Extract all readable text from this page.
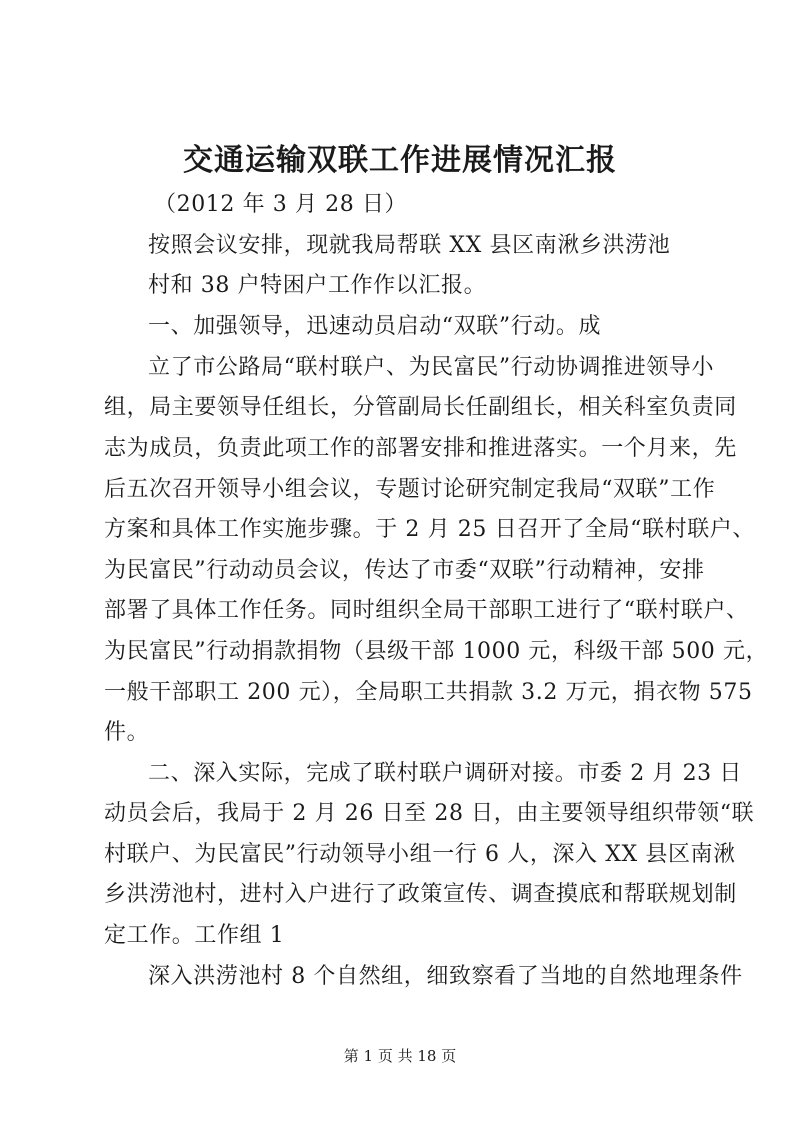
交通运输双联工作进展情况汇报
（2012 年 3 月 28 日）
按照会议安排，现就我局帮联 XX 县区南湫乡洪涝池
村和 38 户特困户工作作以汇报。
一、加强领导，迅速动员启动“双联”行动。成
立了市公路局“联村联户、为民富民”行动协调推进领导小
组，局主要领导任组长，分管副局长任副组长，相关科室负责同
志为成员，负责此项工作的部署安排和推进落实。一个月来，先
后五次召开领导小组会议，专题讨论研究制定我局“双联”工作
方案和具体工作实施步骤。于 2 月 25 日召开了全局“联村联户、
为民富民”行动动员会议，传达了市委“双联”行动精神，安排
部署了具体工作任务。同时组织全局干部职工进行了“联村联户、
为民富民”行动捐款捐物（县级干部 1000 元，科级干部 500 元，
一般干部职工 200 元），全局职工共捐款 3.2 万元，捐衣物 575
件。
二、深入实际，完成了联村联户调研对接。市委 2 月 23 日
动员会后，我局于 2 月 26 日至 28 日，由主要领导组织带领“联
村联户、为民富民”行动领导小组一行 6 人，深入 XX 县区南湫
乡洪涝池村，进村入户进行了政策宣传、调查摸底和帮联规划制
定工作。工作组 1
深入洪涝池村 8 个自然组，细致察看了当地的自然地理条件
第 1 页 共 18 页
